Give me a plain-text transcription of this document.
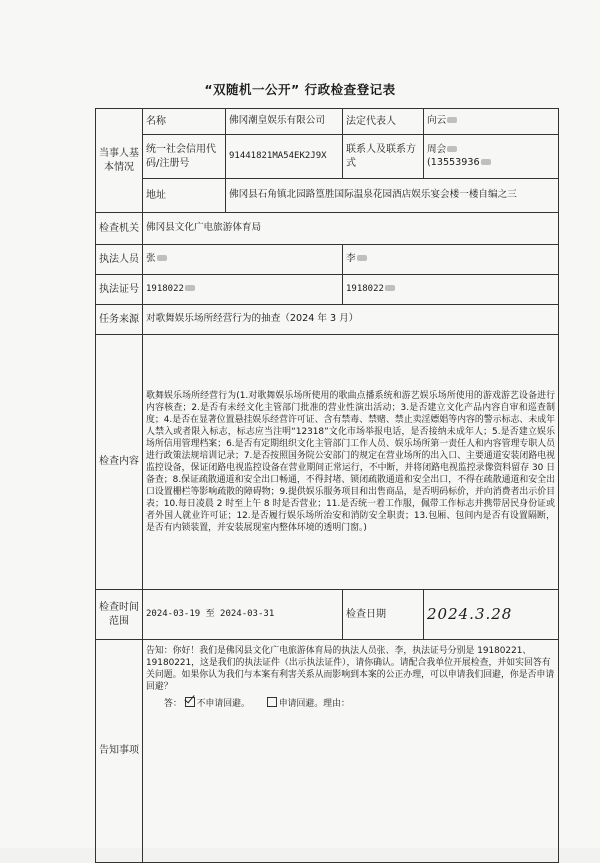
“双随机一公开” 行政检查登记表
当事人基本情况	名称	佛冈潮皇娱乐有限公司	法定代表人	向云
	统一社会信用代码/注册号	91441821MA54EK2J9X	联系人及联系方式	周会
(13553936

	地址	佛冈县石角镇北园路篁胜国际温泉花园酒店娱乐宴会楼一楼自编之三		
检查机关	佛冈县文化广电旅游体育局			
执法人员	张		李	
执法证号	1918022		1918022	
任务来源	对歌舞娱乐场所经营行为的抽查（2024 年 3 月）			
检查内容	歌舞娱乐场所经营行为(1.对歌舞娱乐场所使用的歌曲点播系统和游艺娱乐场所使用的游戏游艺设备进行内容核查；2.是否有未经文化主管部门批准的营业性演出活动；3.是否建立文化产品内容自审和巡查制度；4.是否在显著位置悬挂娱乐经营许可证、含有禁毒、禁赌、禁止卖淫嫖娼等内容的警示标志、未成年人禁入或者限入标志，标志应当注明“12318”文化市场举报电话，是否接纳未成年人；5.是否建立娱乐场所信用管理档案；6.是否有定期组织文化主管部门工作人员、娱乐场所第一责任人和内容管理专职人员进行政策法规培训记录；7.是否按照国务院公安部门的规定在营业场所的出入口、主要通道安装闭路电视监控设备，保证闭路电视监控设备在营业期间正常运行，不中断，并将闭路电视监控录像资料留存 30 日备查；8.保证疏散通道和安全出口畅通，不得封堵、锁闭疏散通道和安全出口，不得在疏散通道和安全出口设置栅栏等影响疏散的障碍物；9.提供娱乐服务项目和出售商品，是否明码标价，并向消费者出示价目表；10.每日凌晨 2 时至上午 8 时是否营业；11.是否统一着工作服，佩带工作标志并携带居民身份证或者外国人就业许可证；12.是否履行娱乐场所治安和消防安全职责；13.包厢、包间内是否有设置隔断，是否有内锁装置，并安装展现室内整体环境的透明门窗。)			
检查时间范围	2024-03-19 至 2024-03-31		检查日期	2024.3.28
告知事项	告知：你好！我们是佛冈县文化广电旅游体育局的执法人员张、李，执法证号分别是 19180221、19180221，这是我们的执法证件（出示执法证件），请你确认。请配合我单位开展检查，并如实回答有关问题。如果你认为我们与本案有利害关系从而影响到本案的公正办理，可以申请我们回避，你是否申请回避？
答： 不申请回避。 申请回避。理由：			
